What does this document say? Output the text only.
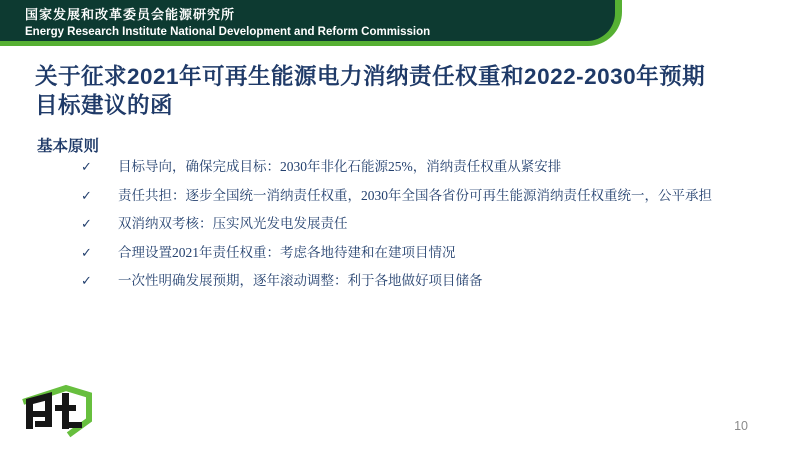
国家发展和改革委员会能源研究所
Energy Research Institute National Development and Reform Commission
关于征求2021年可再生能源电力消纳责任权重和2022-2030年预期
目标建议的函
基本原则
✓	目标导向，确保完成目标：2030年非化石能源25%，消纳责任权重从紧安排
✓	责任共担：逐步全国统一消纳责任权重，2030年全国各省份可再生能源消纳责任权重统一，公平承担
✓	双消纳双考核：压实风光发电发展责任
✓	合理设置2021年责任权重：考虑各地待建和在建项目情况
✓	一次性明确发展预期，逐年滚动调整：利于各地做好项目储备
10
